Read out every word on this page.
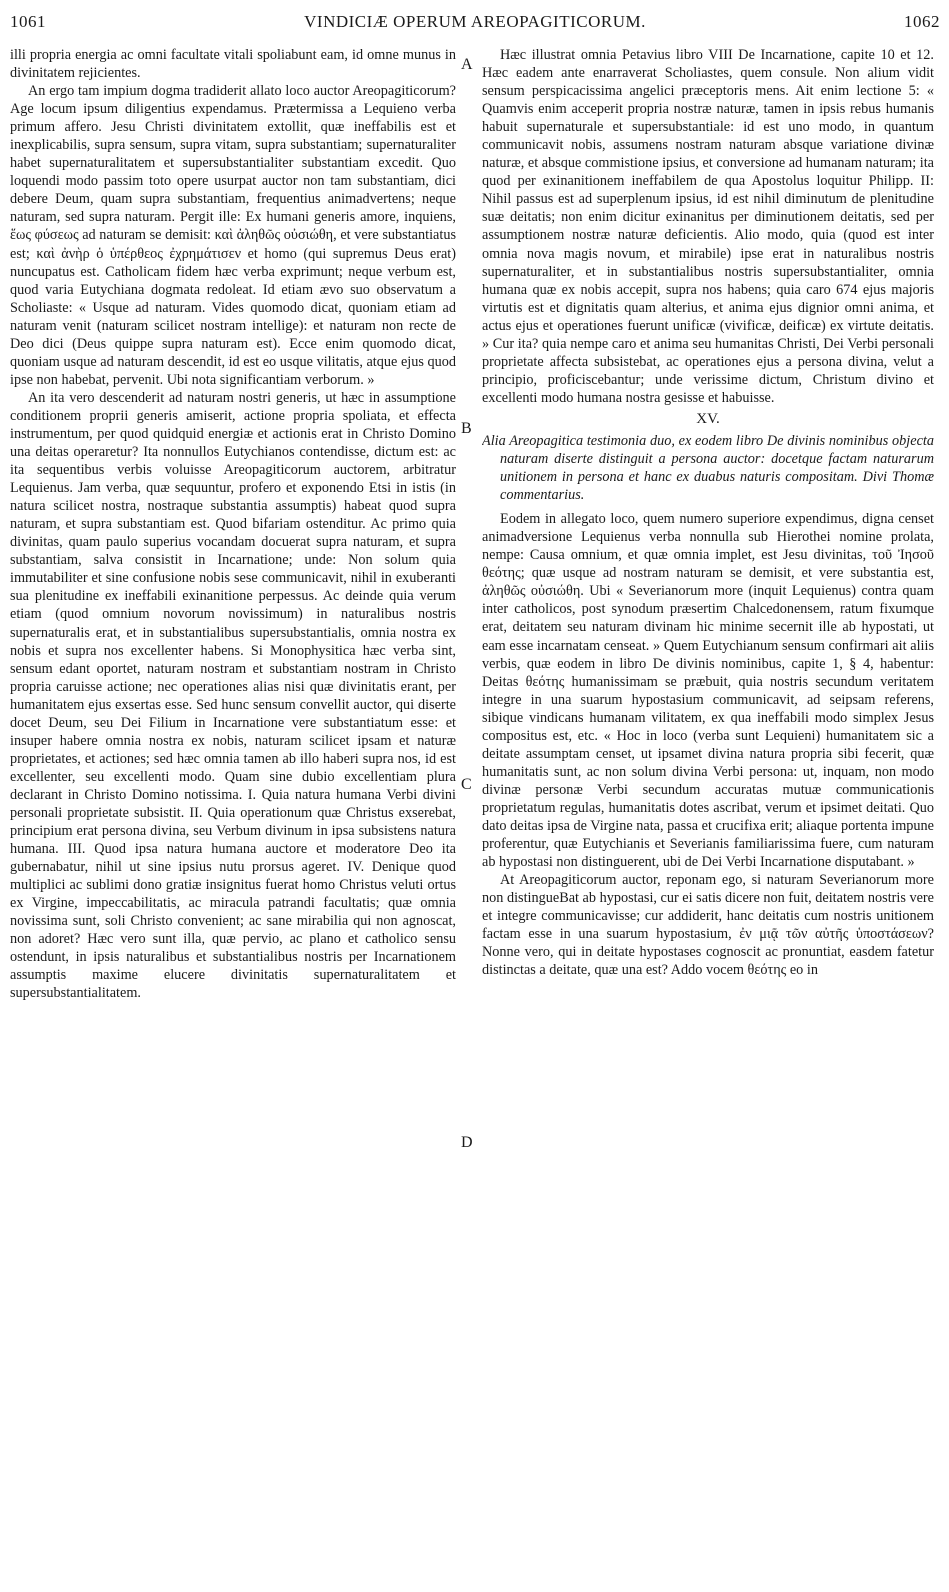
1061	VINDICIÆ OPERUM AREOPAGITICORUM.	1062
A
B
C
D

illi propria energia ac omni facultate vitali spoliabunt eam, id omne munus in divinitatem rejicientes.

An ergo tam impium dogma tradiderit allato loco auctor Areopagiticorum? Age locum ipsum diligentius expendamus. Prætermissa a Lequieno verba primum affero. Jesu Christi divinitatem extollit, quæ ineffabilis est et inexplicabilis, supra sensum, supra vitam, supra substantiam; supernaturaliter habet supernaturalitatem et supersubstantialiter substantiam excedit. Quo loquendi modo passim toto opere usurpat auctor non tam substantiam, dici debere Deum, quam supra substantiam, frequentius animadvertens; neque naturam, sed supra naturam. Pergit ille: Ex humani generis amore, inquiens, ἕως φύσεως ad naturam se demisit: καὶ ἀληθῶς οὐσιώθη, et vere substantiatus est; καὶ ἀνὴρ ὁ ὑπέρθεος ἐχρημάτισεν et homo (qui supremus Deus erat) nuncupatus est. Catholicam fidem hæc verba exprimunt; neque verbum est, quod varia Eutychiana dogmata redoleat. Id etiam ævo suo observatum a Scholiaste: « Usque ad naturam. Vides quomodo dicat, quoniam etiam ad naturam venit (naturam scilicet nostram intellige): et naturam non recte de Deo dici (Deus quippe supra naturam est). Ecce enim quomodo dicat, quoniam usque ad naturam descendit, id est eo usque vilitatis, atque ejus quod ipse non habebat, pervenit. Ubi nota significantiam verborum. »

An ita vero descenderit ad naturam nostri generis, ut hæc in assumptione conditionem proprii generis amiserit, actione propria spoliata, et effecta instrumentum, per quod quidquid energiæ et actionis erat in Christo Domino una deitas operaretur? Ita nonnullos Eutychianos contendisse, dictum est: ac ita sequentibus verbis voluisse Areopagiticorum auctorem, arbitratur Lequienus. Jam verba, quæ sequuntur, profero et exponendo Etsi in istis (in natura scilicet nostra, nostraque substantia assumptis) habeat quod supra naturam, et supra substantiam est. Quod bifariam ostenditur. Ac primo quia divinitas, quam paulo superius vocandam docuerat supra naturam, et supra substantiam, salva consistit in Incarnatione; unde: Non solum quia immutabiliter et sine confusione nobis sese communicavit, nihil in exuberanti sua plenitudine ex ineffabili exinanitione perpessus. Ac deinde quia verum etiam (quod omnium novorum novissimum) in naturalibus nostris supernaturalis erat, et in substantialibus supersubstantialis, omnia nostra ex nobis et supra nos excellenter habens. Si Monophysitica hæc verba sint, sensum edant oportet, naturam nostram et substantiam nostram in Christo propria caruisse actione; nec operationes alias nisi quæ divinitatis erant, per humanitatem ejus exsertas esse. Sed hunc sensum convellit auctor, qui diserte docet Deum, seu Dei Filium in Incarnatione vere substantiatum esse: et insuper habere omnia nostra ex nobis, naturam scilicet ipsam et naturæ proprietates, et actiones; sed hæc omnia tamen ab illo haberi supra nos, id est excellenter, seu excellenti modo. Quam sine dubio excellentiam plura declarant in Christo Domino notissima. I. Quia natura humana Verbi divini personali proprietate subsistit. II. Quia operationum quæ Christus exserebat, principium erat persona divina, seu Verbum divinum in ipsa subsistens natura humana. III. Quod ipsa natura humana auctore et moderatore Deo ita gubernabatur, nihil ut sine ipsius nutu prorsus ageret. IV. Denique quod multiplici ac sublimi dono gratiæ insignitus fuerat homo Christus veluti ortus ex Virgine, impeccabilitatis, ac miracula patrandi facultatis; quæ omnia novissima sunt, soli Christo convenient; ac sane mirabilia qui non agnoscat, non adoret? Hæc vero sunt illa, quæ pervio, ac plano et catholico sensu ostendunt, in ipsis naturalibus et substantialibus nostris per Incarnationem assumptis maxime elucere divinitatis supernaturalitatem et supersubstantialitatem.

Hæc illustrat omnia Petavius libro VIII De Incarnatione, capite 10 et 12. Hæc eadem ante enarraverat Scholiastes, quem consule. Non alium vidit sensum perspicacissima angelici præceptoris mens. Ait enim lectione 5: « Quamvis enim acceperit propria nostræ naturæ, tamen in ipsis rebus humanis habuit supernaturale et supersubstantiale: id est uno modo, in quantum communicavit nobis, assumens nostram naturam absque variatione divinæ naturæ, et absque commistione ipsius, et conversione ad humanam naturam; ita quod per exinanitionem ineffabilem de qua Apostolus loquitur Philipp. II: Nihil passus est ad superplenum ipsius, id est nihil diminutum de plenitudine suæ deitatis; non enim dicitur exinanitus per diminutionem deitatis, sed per assumptionem nostræ naturæ deficientis. Alio modo, quia (quod est inter omnia nova magis novum, et mirabile) ipse erat in naturalibus nostris supernaturaliter, et in substantialibus nostris supersubstantialiter, omnia humana quæ ex nobis accepit, supra nos habens; quia caro 674 ejus majoris virtutis est et dignitatis quam alterius, et anima ejus dignior omni anima, et actus ejus et operationes fuerunt unificæ (vivificæ, deificæ) ex virtute deitatis. » Cur ita? quia nempe caro et anima seu humanitas Christi, Dei Verbi personali proprietate affecta subsistebat, ac operationes ejus a persona divina, velut a principio, proficiscebantur; unde verissime dictum, Christum divino et excellenti modo humana nostra gesisse et habuisse.

XV.

Alia Areopagitica testimonia duo, ex eodem libro De divinis nominibus objecta naturam diserte distinguit a persona auctor: docetque factam naturarum unitionem in persona et hanc ex duabus naturis compositam. Divi Thomæ commentarius.

Eodem in allegato loco, quem numero superiore expendimus, digna censet animadversione Lequienus verba nonnulla sub Hierothei nomine prolata, nempe: Causa omnium, et quæ omnia implet, est Jesu divinitas, τοῦ Ἰησοῦ θεότης; quæ usque ad nostram naturam se demisit, et vere substantia est, ἀληθῶς οὐσιώθη. Ubi « Severianorum more (inquit Lequienus) contra quam inter catholicos, post synodum præsertim Chalcedonensem, ratum fixumque erat, deitatem seu naturam divinam hic minime secernit ille ab hypostati, ut eam esse incarnatam censeat. » Quem Eutychianum sensum confirmari ait aliis verbis, quæ eodem in libro De divinis nominibus, capite 1, § 4, habentur: Deitas θεότης humanissimam se præbuit, quia nostris secundum veritatem integre in una suarum hypostasium communicavit, ad seipsam referens, sibique vindicans humanam vilitatem, ex qua ineffabili modo simplex Jesus compositus est, etc. « Hoc in loco (verba sunt Lequieni) humanitatem sic a deitate assumptam censet, ut ipsamet divina natura propria sibi fecerit, quæ humanitatis sunt, ac non solum divina Verbi persona: ut, inquam, non modo divinæ personæ Verbi secundum accuratas mutuæ communicationis proprietatum regulas, humanitatis dotes ascribat, verum et ipsimet deitati. Quo dato deitas ipsa de Virgine nata, passa et crucifixa erit; aliaque portenta impune proferentur, quæ Eutychianis et Severianis familiarissima fuere, cum naturam ab hypostasi non distinguerent, ubi de Dei Verbi Incarnatione disputabant. »

At Areopagiticorum auctor, reponam ego, si naturam Severianorum more non distingueBat ab hypostasi, cur ei satis dicere non fuit, deitatem nostris vere et integre communicavisse; cur addiderit, hanc deitatis cum nostris unitionem factam esse in una suarum hypostasium, ἐν μιᾷ τῶν αὐτῆς ὑποστάσεων? Nonne vero, qui in deitate hypostases cognoscit ac pronuntiat, easdem fatetur distinctas a deitate, quæ una est? Addo vocem θεότης eo in
